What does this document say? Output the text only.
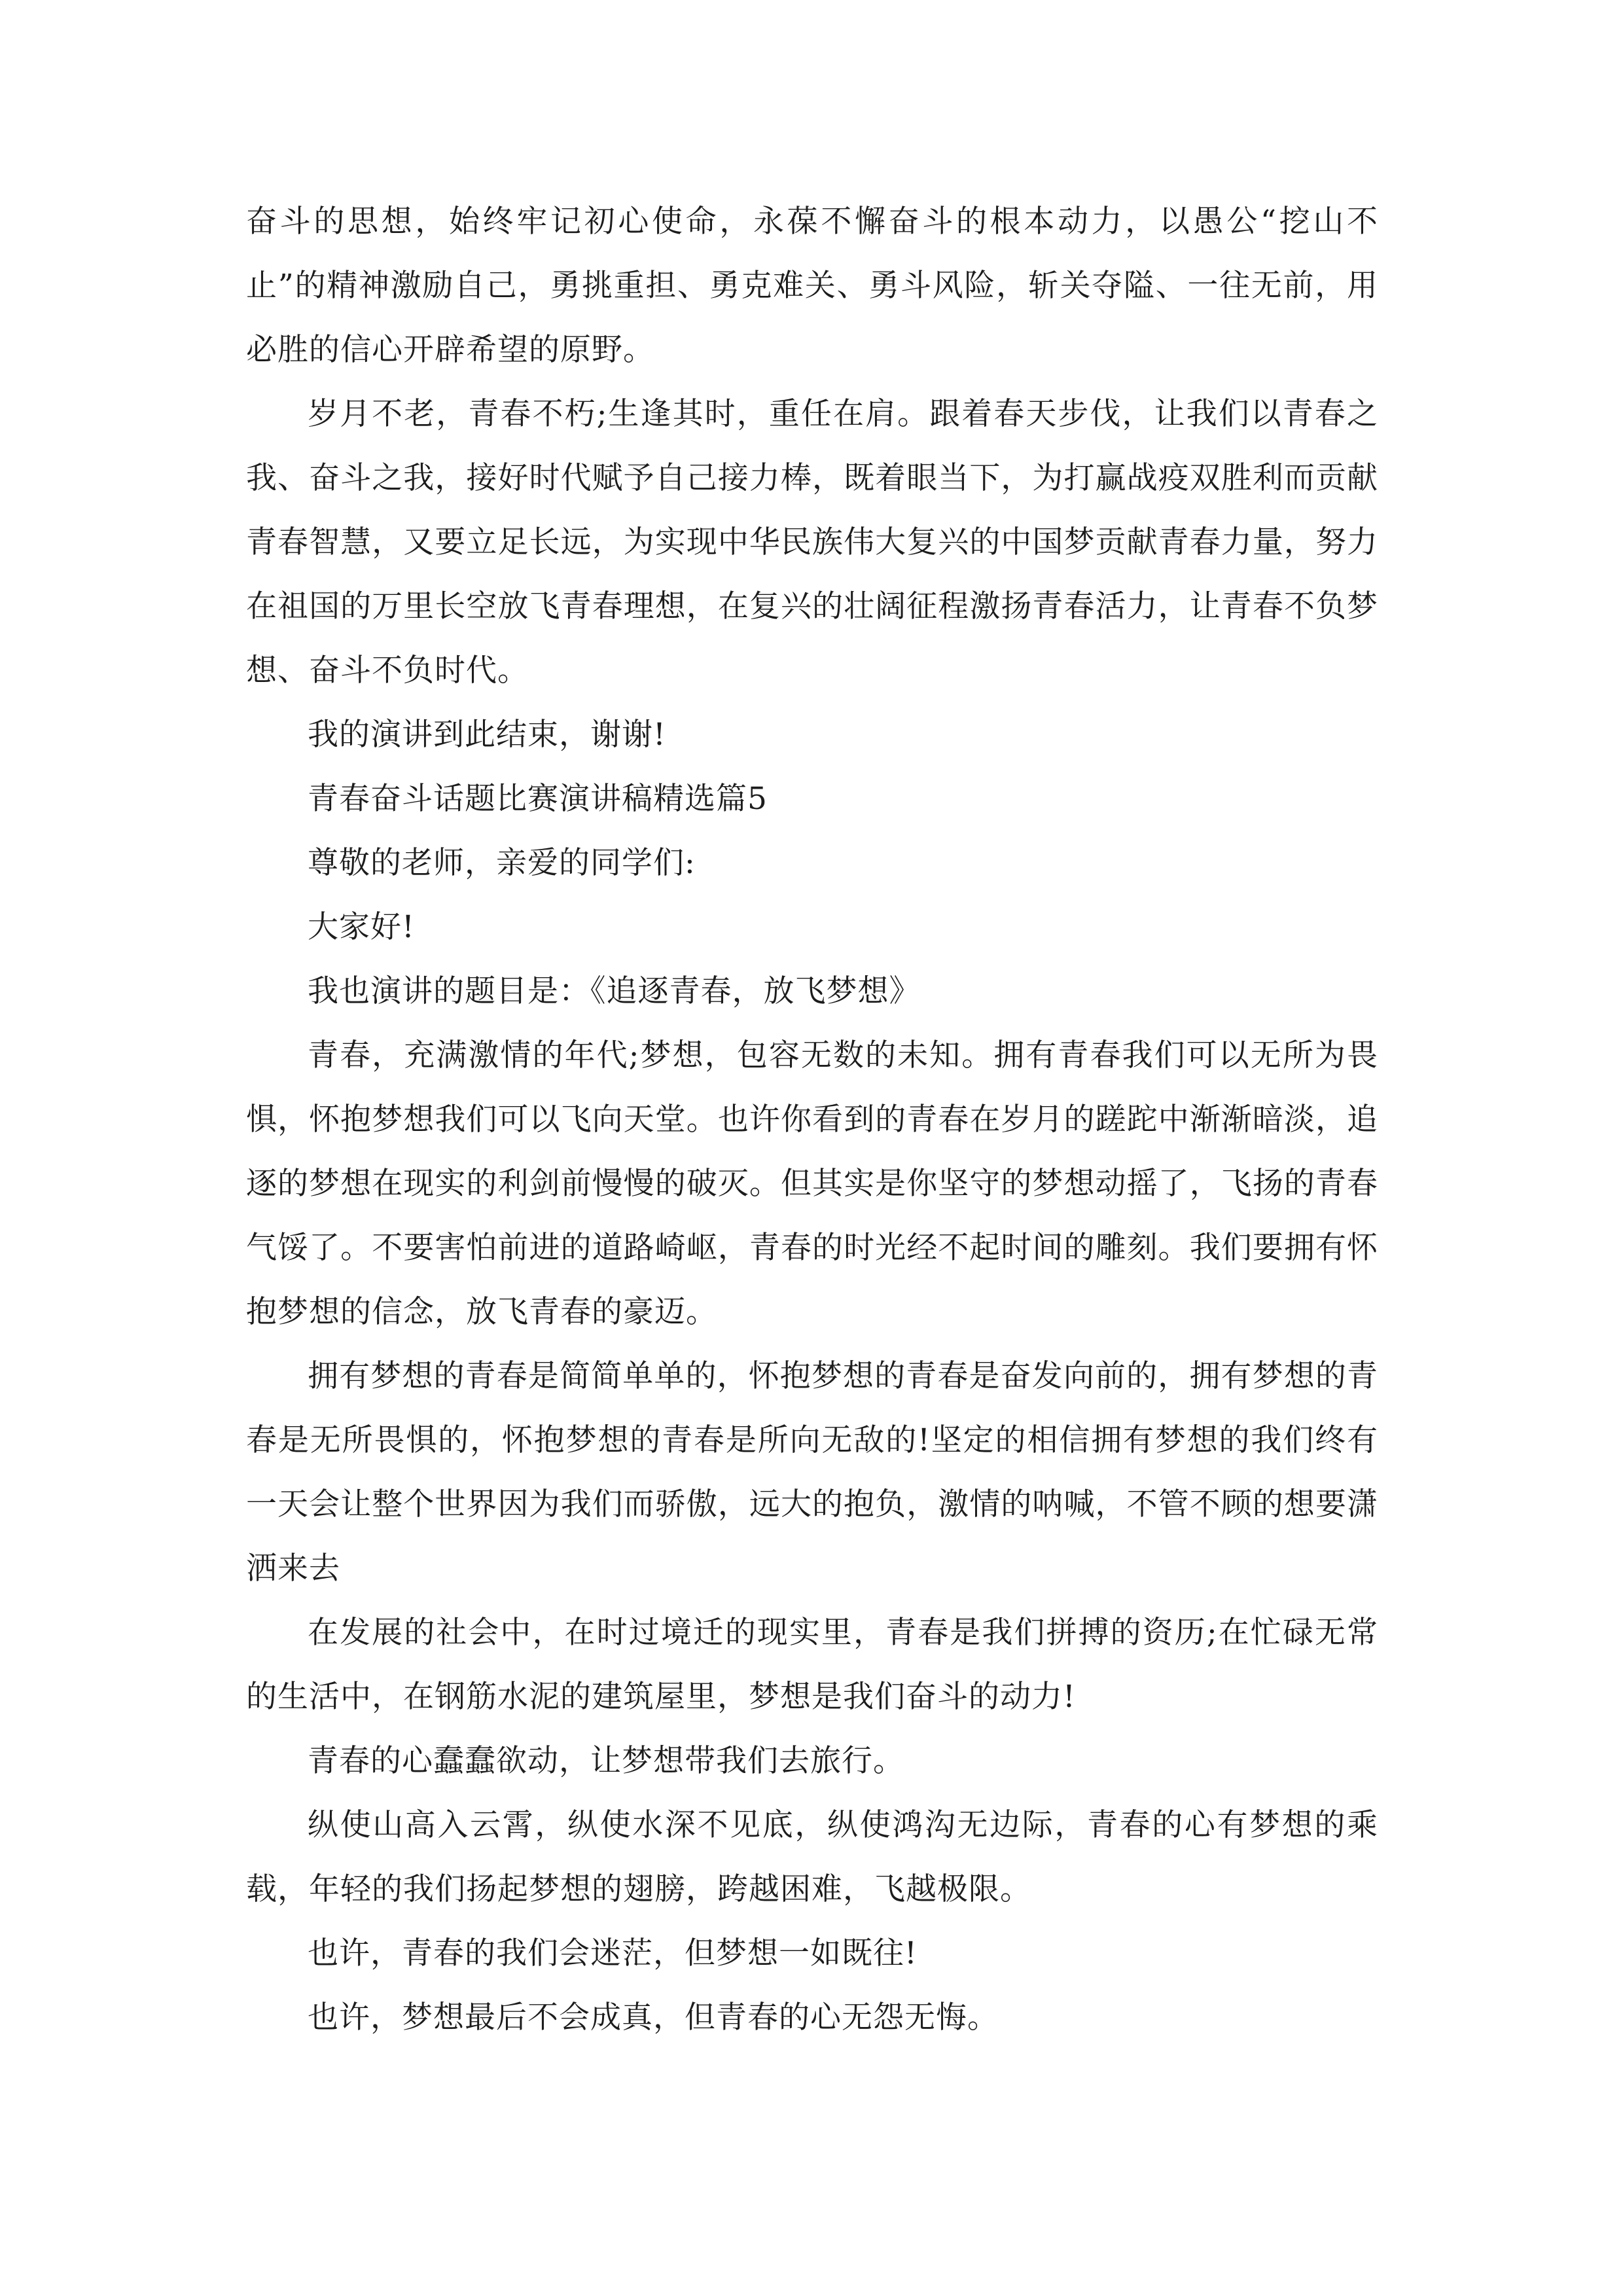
奋斗的思想，始终牢记初心使命，永葆不懈奋斗的根本动力，以愚公“挖山不止”的精神激励自己，勇挑重担、勇克难关、勇斗风险，斩关夺隘、一往无前，用必胜的信心开辟希望的原野。

岁月不老，青春不朽;生逢其时，重任在肩。跟着春天步伐，让我们以青春之我、奋斗之我，接好时代赋予自己接力棒，既着眼当下，为打赢战疫双胜利而贡献青春智慧，又要立足长远，为实现中华民族伟大复兴的中国梦贡献青春力量，努力在祖国的万里长空放飞青春理想，在复兴的壮阔征程激扬青春活力，让青春不负梦想、奋斗不负时代。

我的演讲到此结束，谢谢!

青春奋斗话题比赛演讲稿精选篇5

尊敬的老师，亲爱的同学们:

大家好!

我也演讲的题目是：《追逐青春，放飞梦想》

青春，充满激情的年代;梦想，包容无数的未知。拥有青春我们可以无所为畏惧，怀抱梦想我们可以飞向天堂。也许你看到的青春在岁月的蹉跎中渐渐暗淡，追逐的梦想在现实的利剑前慢慢的破灭。但其实是你坚守的梦想动摇了，飞扬的青春气馁了。不要害怕前进的道路崎岖，青春的时光经不起时间的雕刻。我们要拥有怀抱梦想的信念，放飞青春的豪迈。

拥有梦想的青春是简简单单的，怀抱梦想的青春是奋发向前的，拥有梦想的青春是无所畏惧的，怀抱梦想的青春是所向无敌的!坚定的相信拥有梦想的我们终有一天会让整个世界因为我们而骄傲，远大的抱负，激情的呐喊，不管不顾的想要潇洒来去

在发展的社会中，在时过境迁的现实里，青春是我们拼搏的资历;在忙碌无常的生活中，在钢筋水泥的建筑屋里，梦想是我们奋斗的动力!

青春的心蠢蠢欲动，让梦想带我们去旅行。

纵使山高入云霄，纵使水深不见底，纵使鸿沟无边际，青春的心有梦想的乘载，年轻的我们扬起梦想的翅膀，跨越困难，飞越极限。

也许，青春的我们会迷茫，但梦想一如既往!

也许，梦想最后不会成真，但青春的心无怨无悔。
